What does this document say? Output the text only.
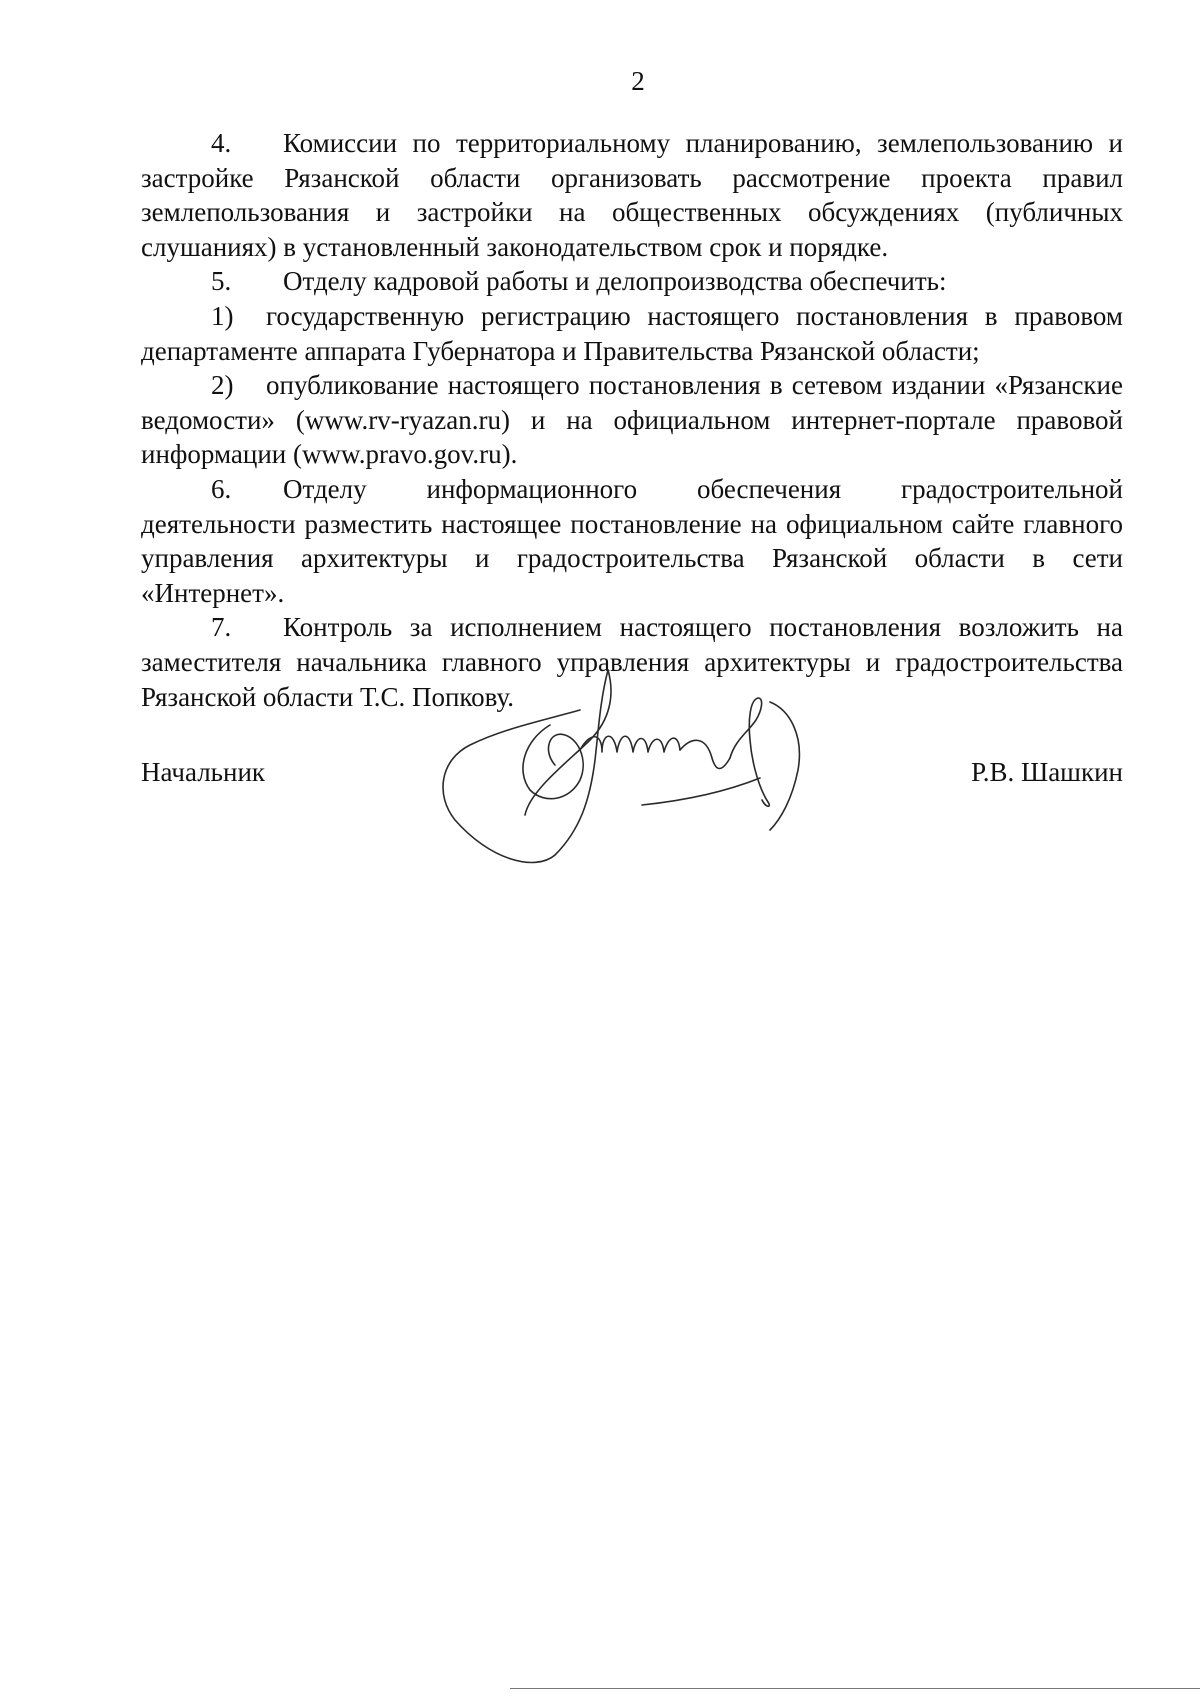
2

4. Комиссии по территориальному планированию, землепользованию и застройке Рязанской области организовать рассмотрение проекта правил землепользования и застройки на общественных обсуждениях (публичных слушаниях) в установленный законодательством срок и порядке.

5. Отделу кадровой работы и делопроизводства обеспечить:

1) государственную регистрацию настоящего постановления в правовом департаменте аппарата Губернатора и Правительства Рязанской области;

2) опубликование настоящего постановления в сетевом издании «Рязанские ведомости» (www.rv-ryazan.ru) и на официальном интернет-портале правовой информации (www.pravo.gov.ru).

6. Отделу информационного обеспечения градостроительной деятельности разместить настоящее постановление на официальном сайте главного управления архитектуры и градостроительства Рязанской области в сети «Интернет».

7. Контроль за исполнением настоящего постановления возложить на заместителя начальника главного управления архитектуры и градостроительства Рязанской области Т.С. Попкову.

Начальник	Р.В. Шашкин
